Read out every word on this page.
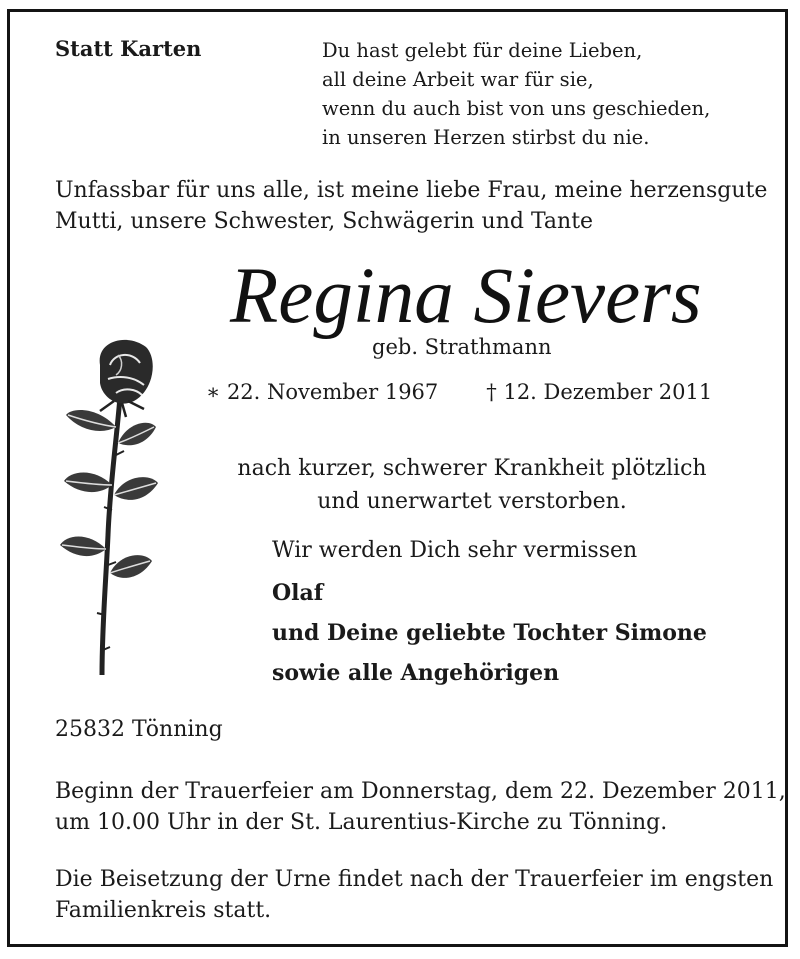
Statt Karten	Du hast gelebt für deine Lieben,
all deine Arbeit war für sie,
wenn du auch bist von uns geschieden,
in unseren Herzen stirbst du nie.
Unfassbar für uns alle, ist meine liebe Frau, meine herzensgute
Mutti, unsere Schwester, Schwägerin und Tante
Regina Sievers
geb. Strathmann
∗ 22. November 1967 † 12. Dezember 2011
nach kurzer, schwerer Krankheit plötzlich
und unerwartet verstorben.
Wir werden Dich sehr vermissen
Olaf
und Deine geliebte Tochter Simone
sowie alle Angehörigen
25832 Tönning
Beginn der Trauerfeier am Donnerstag, dem 22. Dezember 2011,
um 10.00 Uhr in der St. Laurentius-Kirche zu Tönning.
Die Beisetzung der Urne findet nach der Trauerfeier im engsten
Familienkreis statt.
